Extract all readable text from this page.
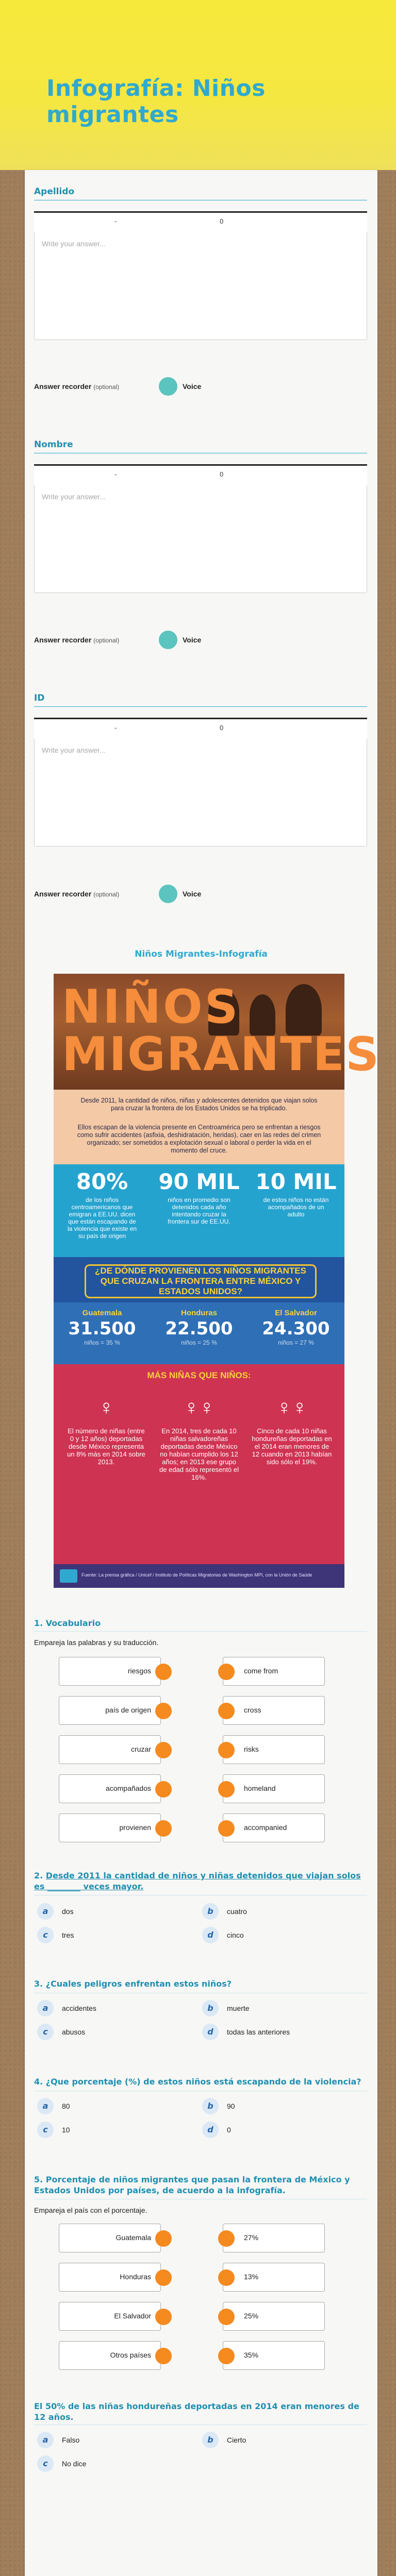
Infografía: Niños migrantes
Apellido
-	0
Write your answer...
Answer recorder (optional)	Voice
Nombre
-	0
Write your answer...
Answer recorder (optional)	Voice
ID
-	0
Write your answer...
Answer recorder (optional)	Voice
Niños Migrantes-Infografía
NIÑOS
MIGRANTES

Desde 2011, la cantidad de niños, niñas y adolescentes detenidos que viajan solos para cruzar la frontera de los Estados Unidos se ha triplicado.

Ellos escapan de la violencia presente en Centroamérica pero se enfrentan a riesgos como sufrir accidentes (asfixia, deshidratación, heridas), caer en las redes del crimen organizado; ser sometidos a explotación sexual o laboral o perder la vida en el momento del cruce.

80%
de los niños centroamericanos que emigran a EE.UU. dicen que están escapando de la violencia que existe en su país de origen
90 MIL
niños en promedio son detenidos cada año intentando cruzar la frontera sur de EE.UU.
10 MIL
de estos niños no están acompañados de un adulto
¿DE DÓNDE PROVIENEN LOS NIÑOS MIGRANTES QUE CRUZAN LA FRONTERA ENTRE MÉXICO Y ESTADOS UNIDOS?
Guatemala
31.500
niños = 35 %
Honduras
22.500
niños = 25 %
El Salvador
24.300
niños = 27 %
MÁS NIÑAS QUE NIÑOS:
♀	♀♀	♀♀
El número de niñas (entre 0 y 12 años) deportadas desde México representa un 8% más en 2014 sobre 2013.
En 2014, tres de cada 10 niñas salvadoreñas deportadas desde México no habían cumplido los 12 años; en 2013 ese grupo de edad sólo representó el 16%.
Cinco de cada 10 niñas hondureñas deportadas en el 2014 eran menores de 12 cuando en 2013 habían sido sólo el 19%.
Fuente: La prensa gráfica / Unicef / Instituto de Políticas Migratorias de Washington MPI, con la Unión de Saúde
1. Vocabulario
Empareja las palabras y su traducción.
riesgos	come from
país de origen	cross
cruzar	risks
acompañados	homeland
provienen	accompanied
2. Desde 2011 la cantidad de niños y niñas detenidos que viajan solos es ________ veces mayor.
a	dos	b	cuatro
c	tres	d	cinco
3. ¿Cuales peligros enfrentan estos niños?
a	accidentes	b	muerte
c	abusos	d	todas las anteriores
4. ¿Que porcentaje (%) de estos niños está escapando de la violencia?
a	80	b	90
c	10	d	0
5. Porcentaje de niños migrantes que pasan la frontera de México y Estados Unidos por países, de acuerdo a la infografía.
Empareja el país con el porcentaje.
Guatemala	27%
Honduras	13%
El Salvador	25%
Otros países	35%
El 50% de las niñas hondureñas deportadas en 2014 eran menores de 12 años.
a	Falso	b	Cierto
c	No dice
